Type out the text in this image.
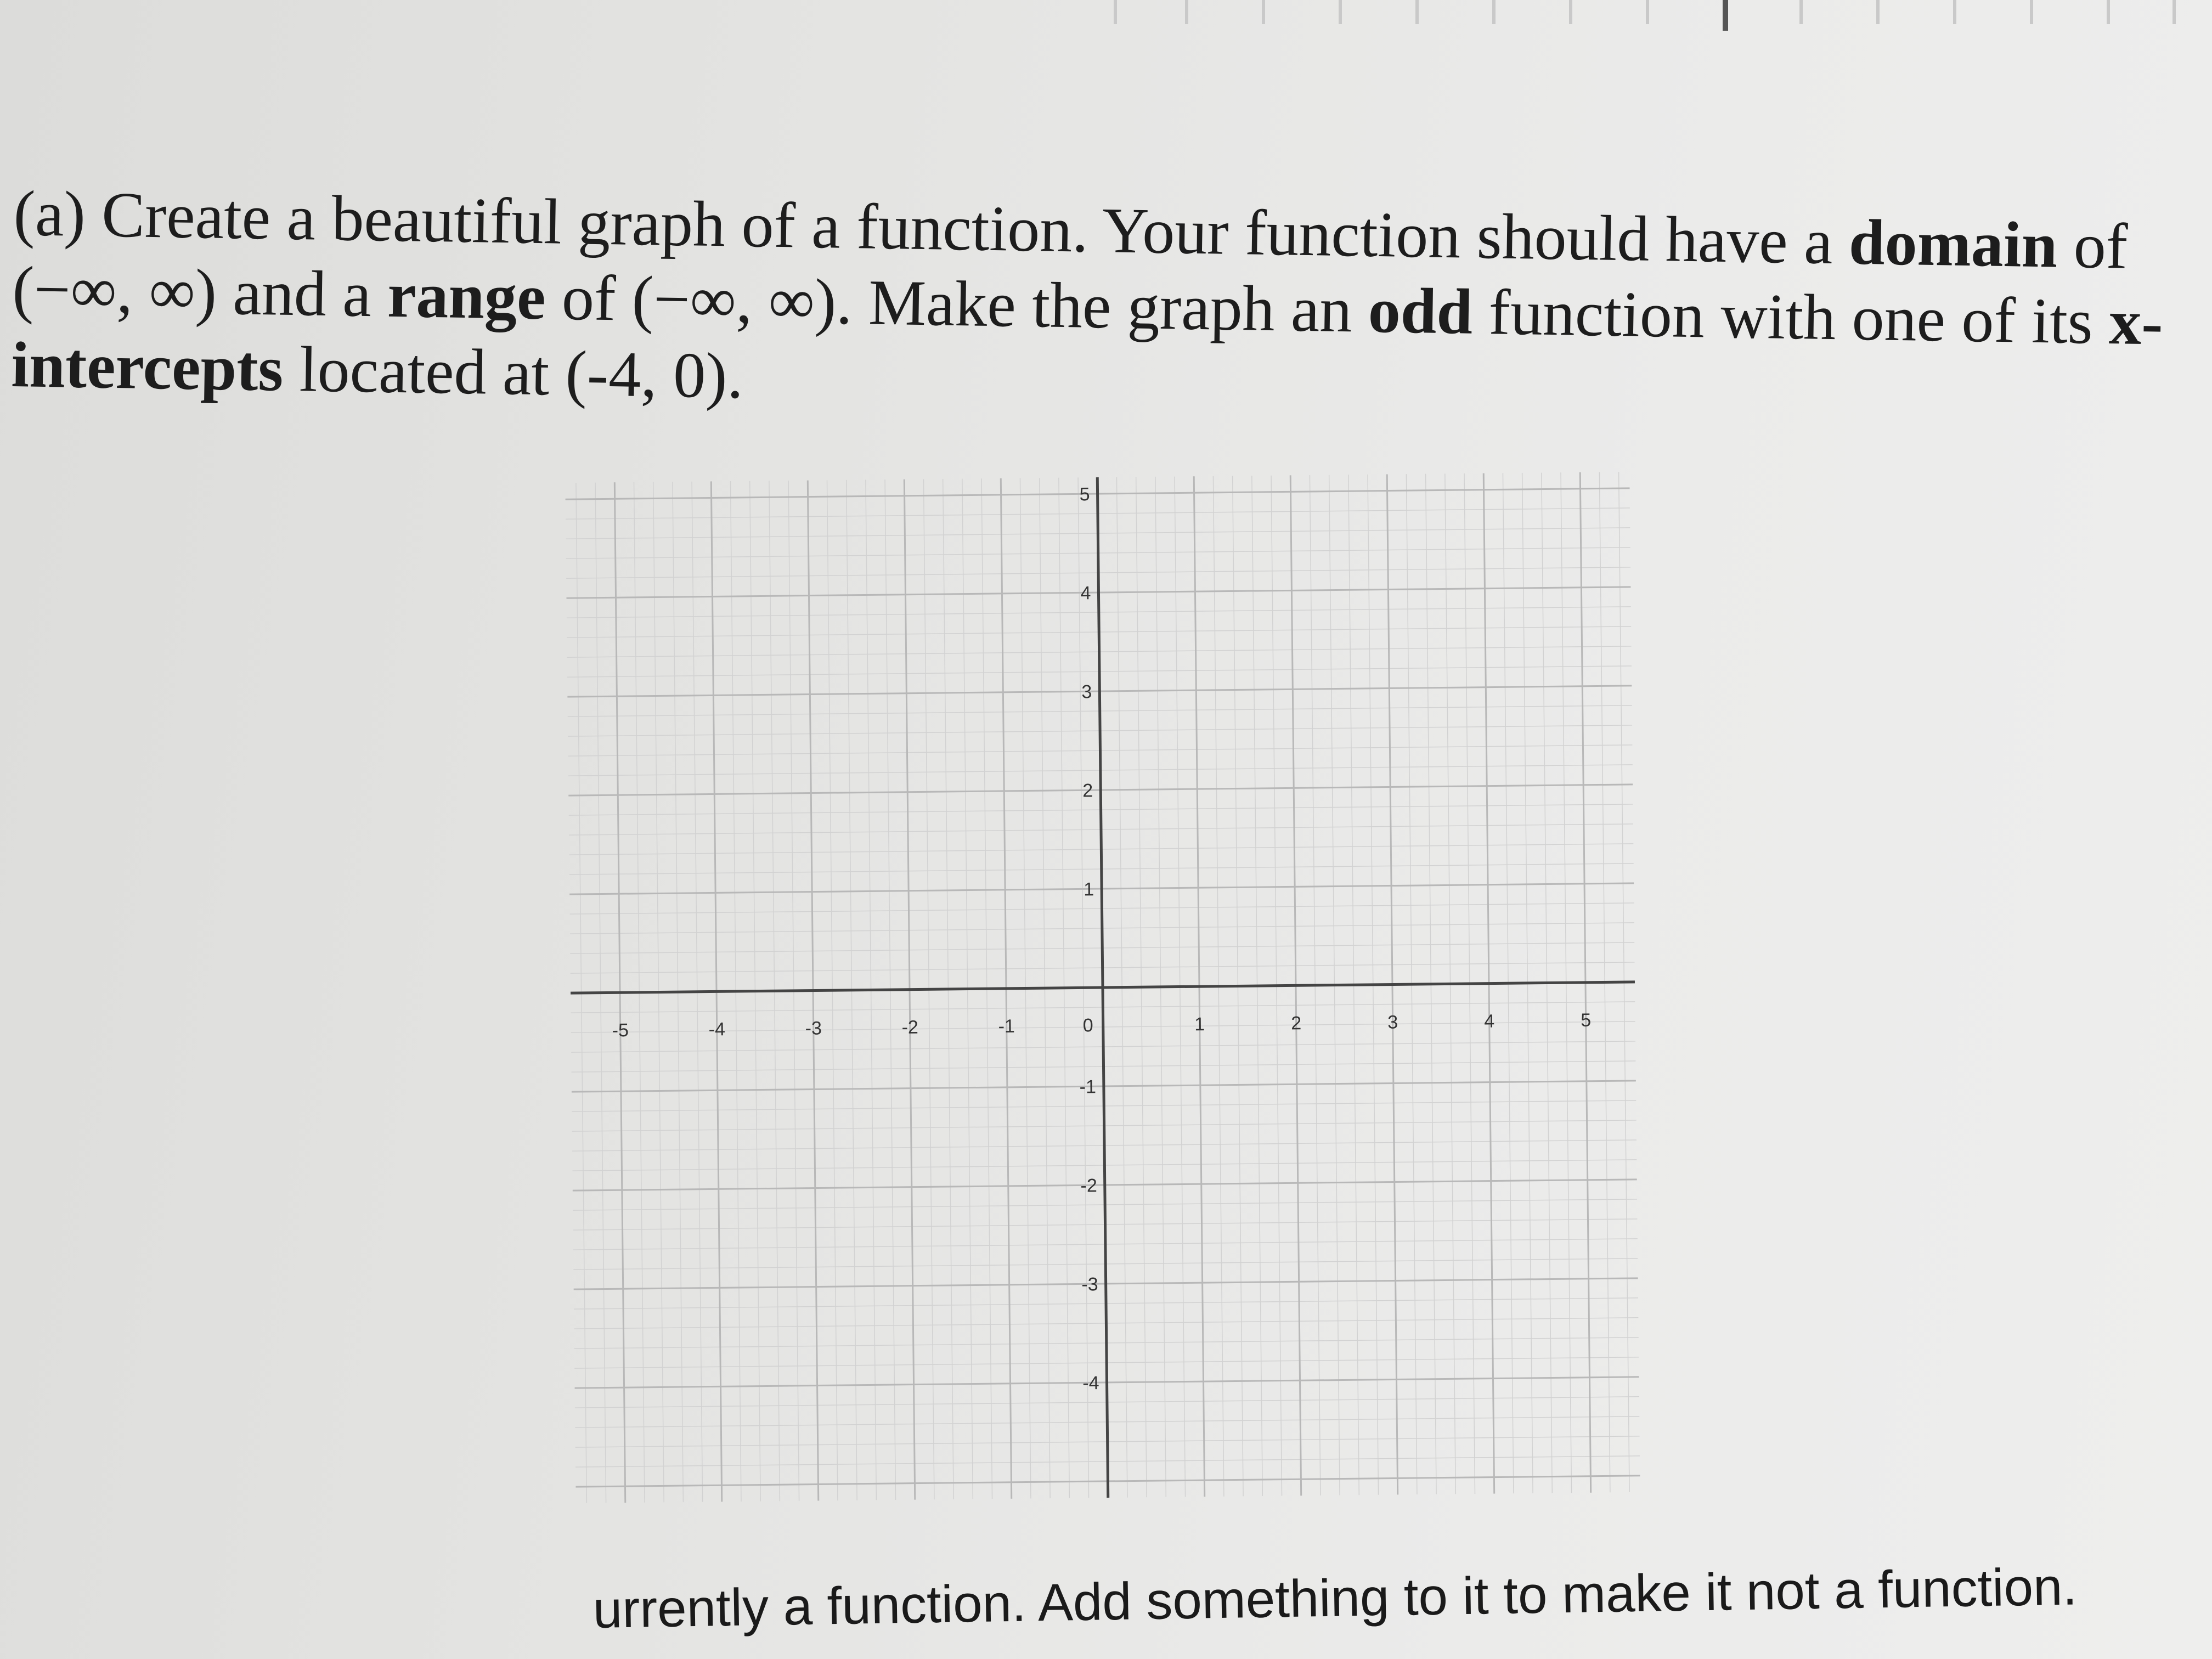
(a) Create a beautiful graph of a function. Your function should have a domain of
(−∞, ∞) and a range of (−∞, ∞). Make the graph an odd function with one of its x-
intercepts located at (-4, 0).
-5	-4	-3	-2	-1	0	1	2	3	4	5
5
4
3
2
1
-1
-2
-3
-4
urrently a function. Add something to it to make it not a function.
